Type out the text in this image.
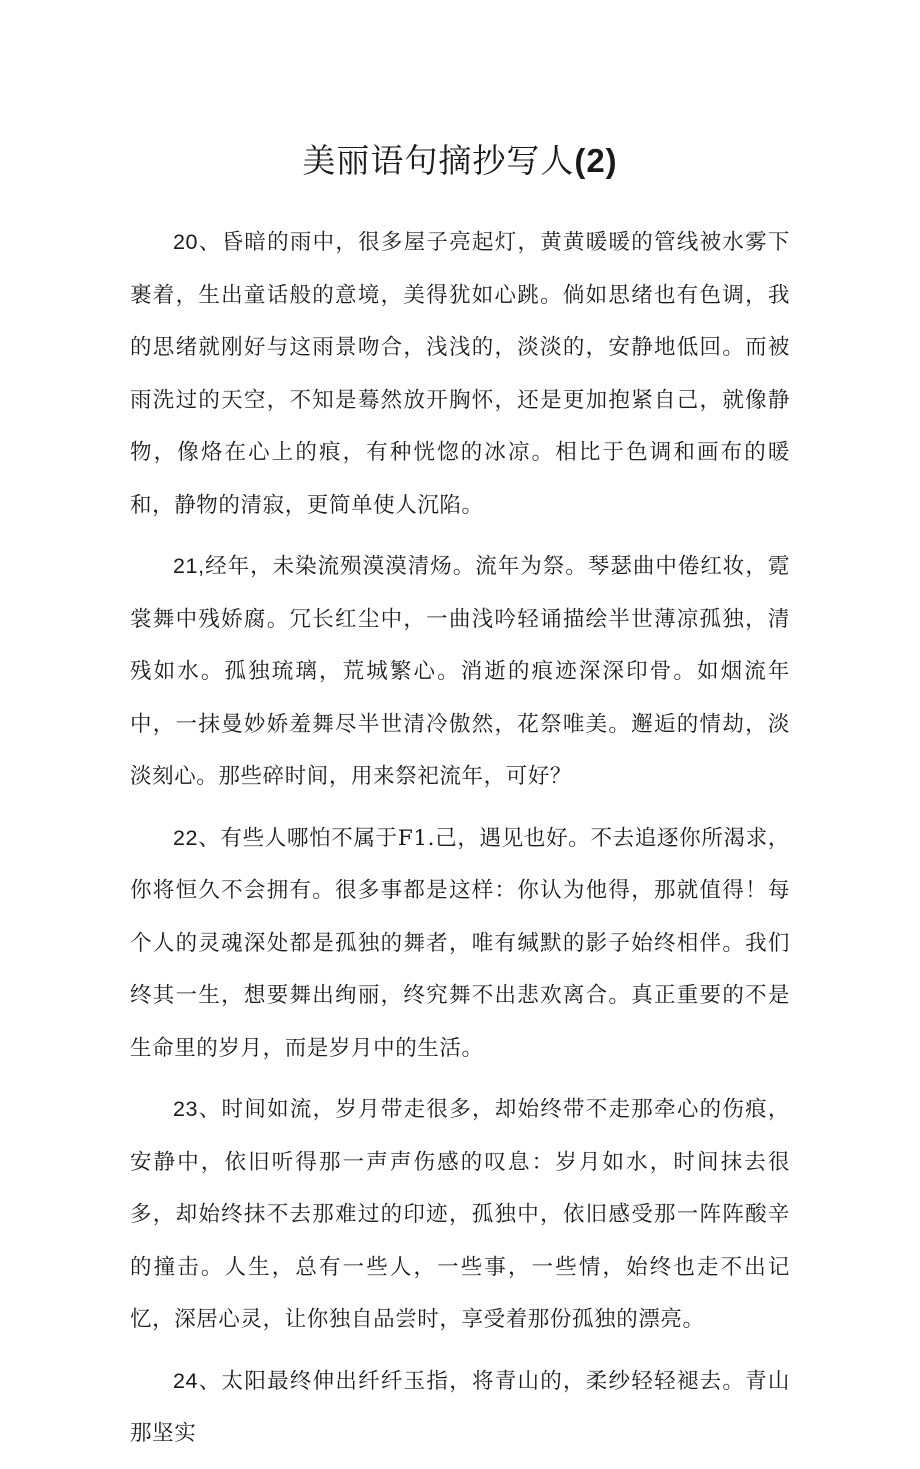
美丽语句摘抄写人(2)

20、昏暗的雨中，很多屋子亮起灯，黄黄暖暖的管线被水雾下裹着，生出童话般的意境，美得犹如心跳。倘如思绪也有色调，我的思绪就刚好与这雨景吻合，浅浅的，淡淡的，安静地低回。而被雨洗过的天空，不知是蓦然放开胸怀，还是更加抱紧自己，就像静物，像烙在心上的痕，有种恍惚的冰凉。相比于色调和画布的暖和，静物的清寂，更简单使人沉陷。

21,经年，未染流殒漠漠清炀。流年为祭。琴瑟曲中倦红妆，霓裳舞中残娇腐。冗长红尘中，一曲浅吟轻诵描绘半世薄凉孤独，清残如水。孤独琉璃，荒城繁心。消逝的痕迹深深印骨。如烟流年中，一抹曼妙娇羞舞尽半世清冷傲然，花祭唯美。邂逅的情劫，淡淡刻心。那些碎时间，用来祭祀流年，可好？

22、有些人哪怕不属于F1.己，遇见也好。不去追逐你所渴求，你将恒久不会拥有。很多事都是这样：你认为他得，那就值得！每个人的灵魂深处都是孤独的舞者，唯有缄默的影子始终相伴。我们终其一生，想要舞出绚丽，终究舞不出悲欢离合。真正重要的不是生命里的岁月，而是岁月中的生活。

23、时间如流，岁月带走很多，却始终带不走那牵心的伤痕，安静中，依旧听得那一声声伤感的叹息：岁月如水，时间抹去很多，却始终抹不去那难过的印迹，孤独中，依旧感受那一阵阵酸辛的撞击。人生，总有一些人，一些事，一些情，始终也走不出记忆，深居心灵，让你独自品尝时，享受着那份孤独的漂亮。

24、太阳最终伸出纤纤玉指，将青山的，柔纱轻轻褪去。青山那坚实
